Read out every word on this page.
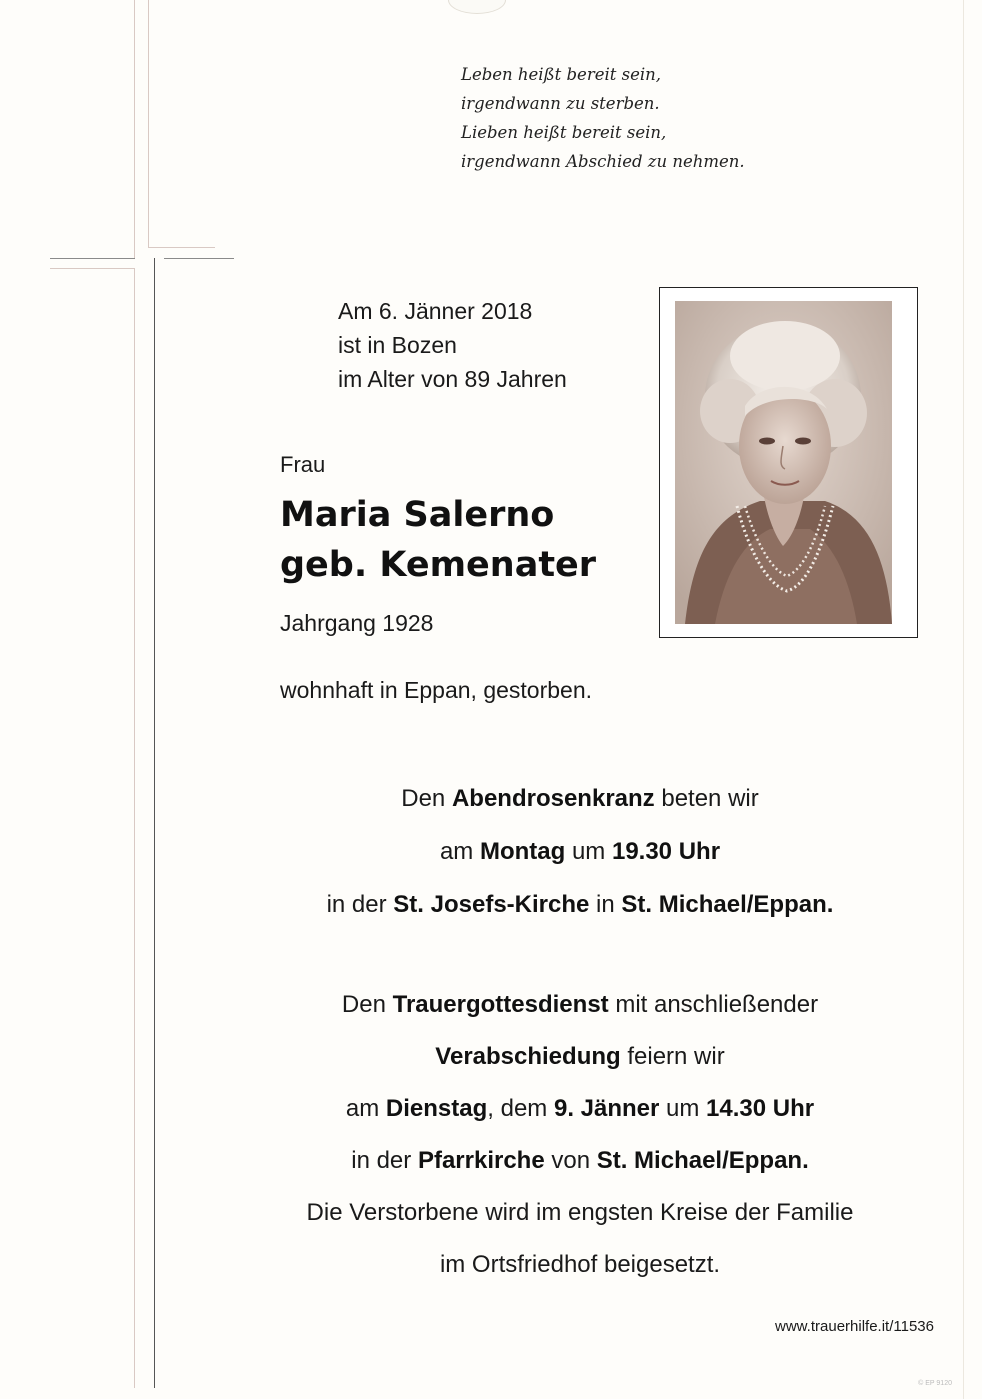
Leben heißt bereit sein,
irgendwann zu sterben.
Lieben heißt bereit sein,
irgendwann Abschied zu nehmen.
Am 6. Jänner 2018
ist in Bozen
im Alter von 89 Jahren
Frau
Maria Salerno
geb. Kemenater
Jahrgang 1928
wohnhaft in Eppan, gestorben.
Den Abendrosenkranz beten wir
am Montag um 19.30 Uhr
in der St. Josefs-Kirche in St. Michael/Eppan.
Den Trauergottesdienst mit anschließender
Verabschiedung feiern wir
am Dienstag, dem 9. Jänner um 14.30 Uhr
in der Pfarrkirche von St. Michael/Eppan.
Die Verstorbene wird im engsten Kreise der Familie
im Ortsfriedhof beigesetzt.
www.trauerhilfe.it/11536
© EP 9120
